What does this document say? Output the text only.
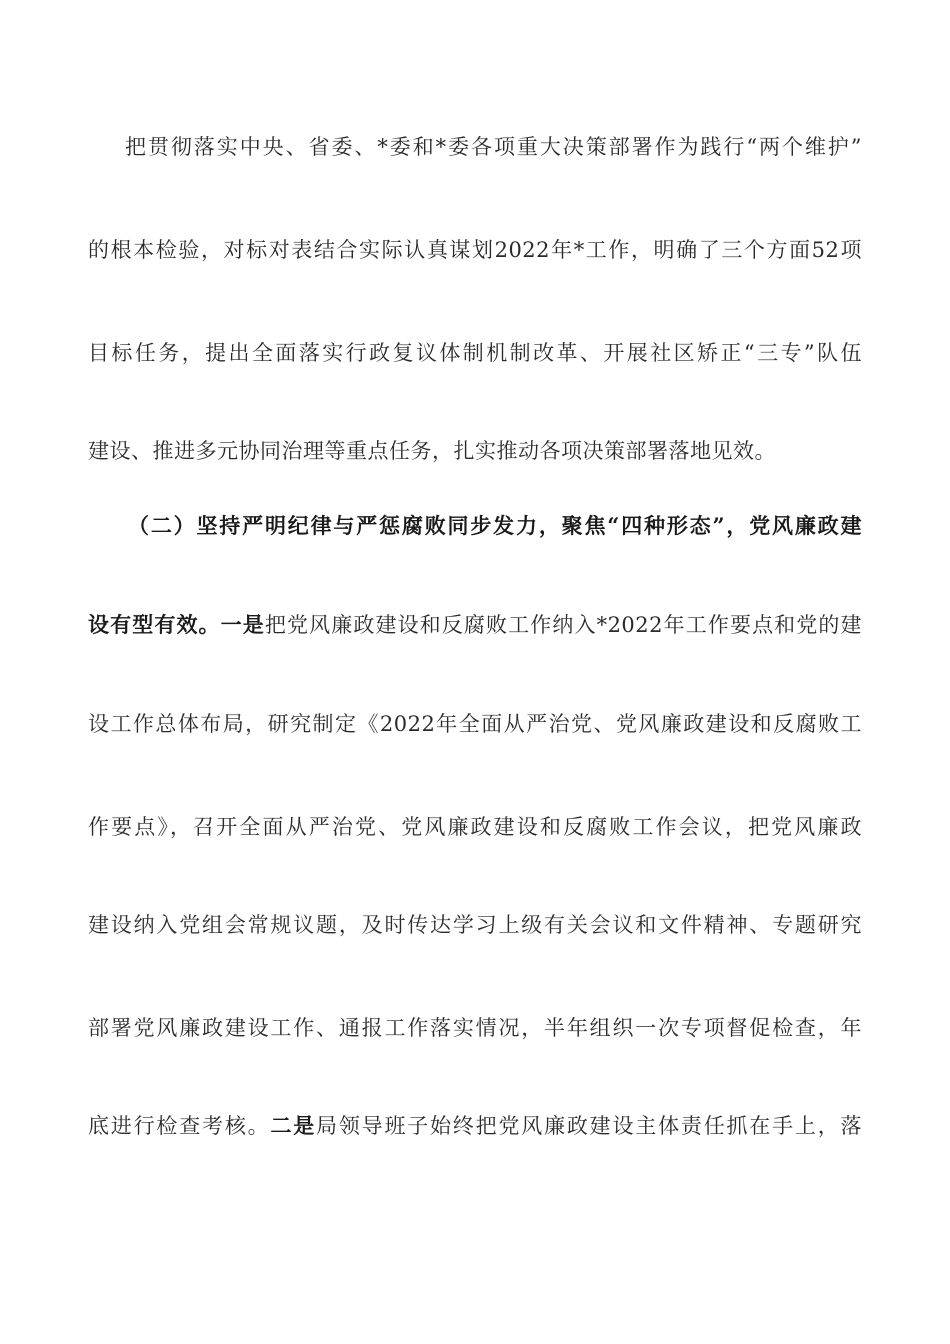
把贯彻落实中央、省委、*委和*委各项重大决策部署作为践行“两个维护”
的根本检验，对标对表结合实际认真谋划2022年*工作，明确了三个方面52项
目标任务，提出全面落实行政复议体制机制改革、开展社区矫正“三专”队伍
建设、推进多元协同治理等重点任务，扎实推动各项决策部署落地见效。
（二）坚持严明纪律与严惩腐败同步发力，聚焦“四种形态”，党风廉政建
设有型有效。一是把党风廉政建设和反腐败工作纳入*2022年工作要点和党的建
设工作总体布局，研究制定《2022年全面从严治党、党风廉政建设和反腐败工
作要点》，召开全面从严治党、党风廉政建设和反腐败工作会议，把党风廉政
建设纳入党组会常规议题，及时传达学习上级有关会议和文件精神、专题研究
部署党风廉政建设工作、通报工作落实情况，半年组织一次专项督促检查，年
底进行检查考核。二是局领导班子始终把党风廉政建设主体责任抓在手上，落
